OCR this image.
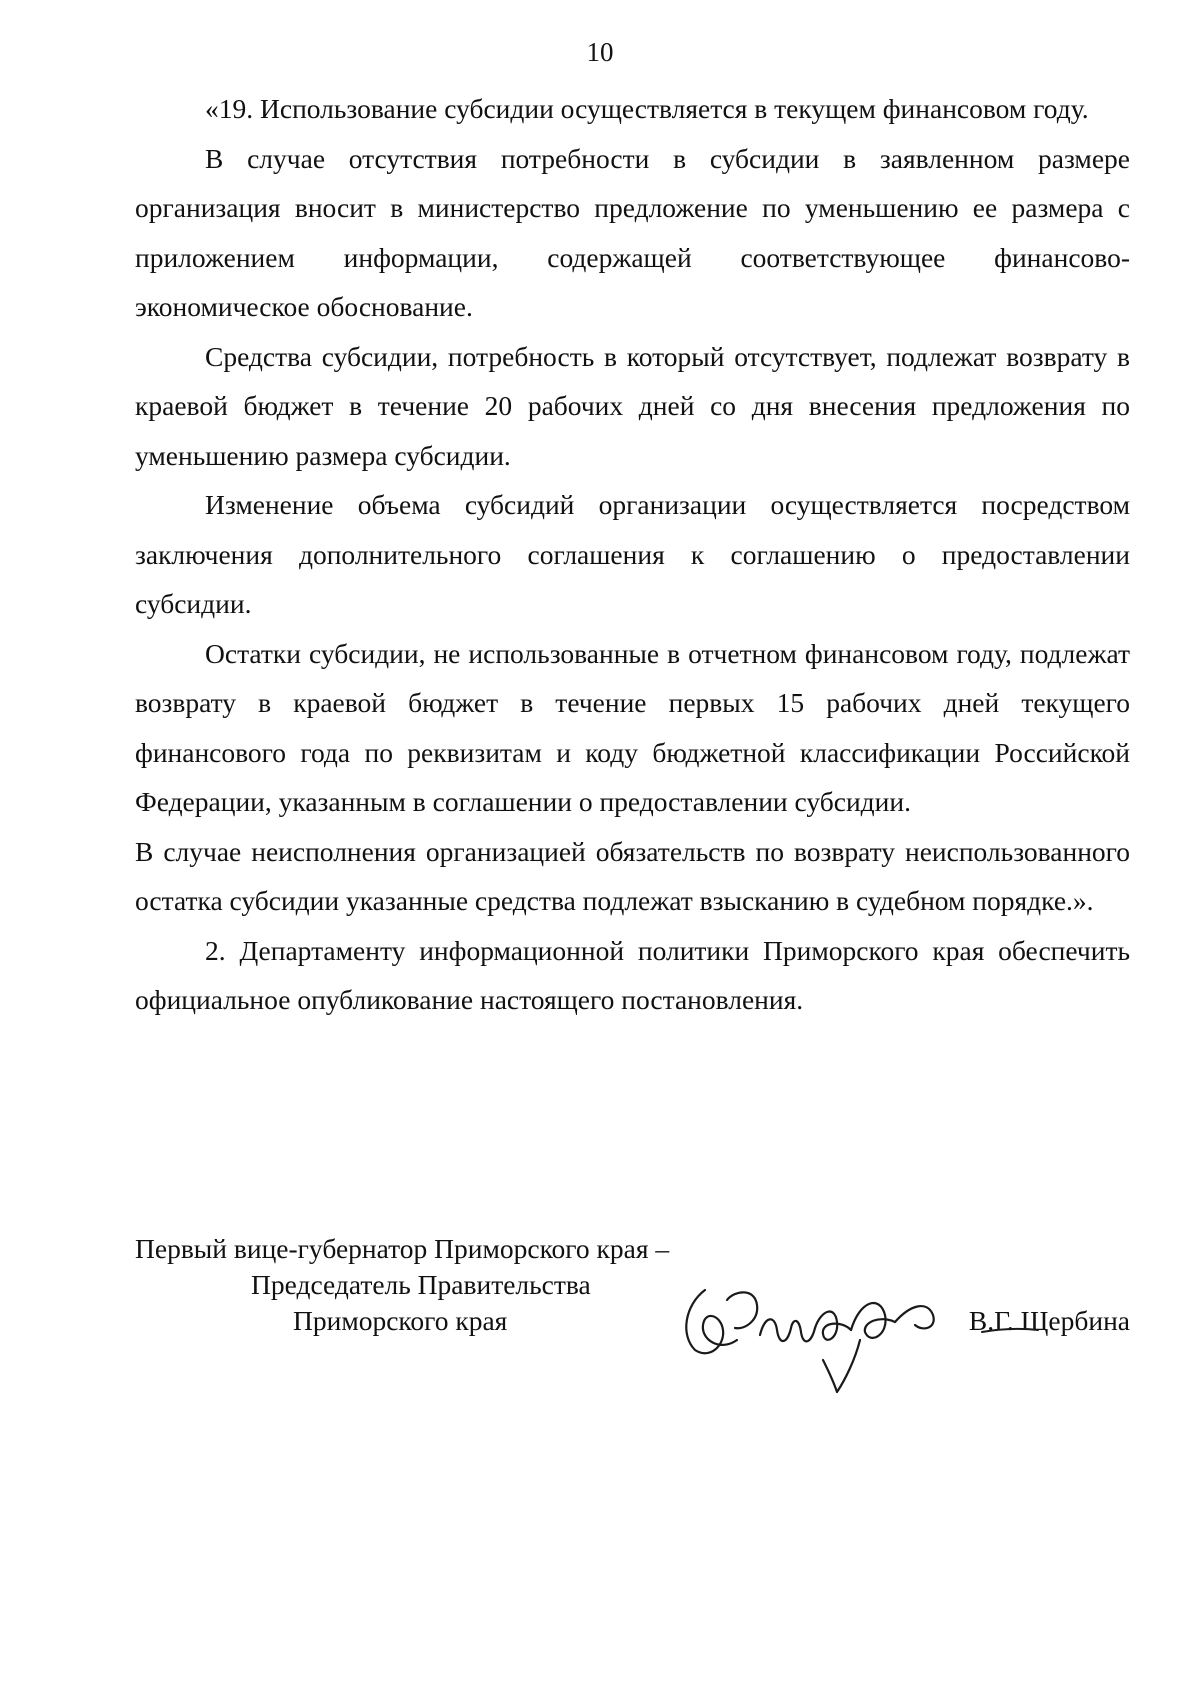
10

«19. Использование субсидии осуществляется в текущем финансовом году.

В случае отсутствия потребности в субсидии в заявленном размере организация вносит в министерство предложение по уменьшению ее размера с приложением информации, содержащей соответствующее финансово-экономическое обоснование.

Средства субсидии, потребность в который отсутствует, подлежат возврату в краевой бюджет в течение 20 рабочих дней со дня внесения предложения по уменьшению размера субсидии.

Изменение объема субсидий организации осуществляется посредством заключения дополнительного соглашения к соглашению о предоставлении субсидии.

Остатки субсидии, не использованные в отчетном финансовом году, подлежат возврату в краевой бюджет в течение первых 15 рабочих дней текущего финансового года по реквизитам и коду бюджетной классификации Российской Федерации, указанным в соглашении о предоставлении субсидии.

В случае неисполнения организацией обязательств по возврату неиспользованного остатка субсидии указанные средства подлежат взысканию в судебном порядке.».

2. Департаменту информационной политики Приморского края обеспечить официальное опубликование настоящего постановления.

Первый вице-губернатор Приморского края –
Председатель Правительства
Приморского края	В.Г. Щербина
